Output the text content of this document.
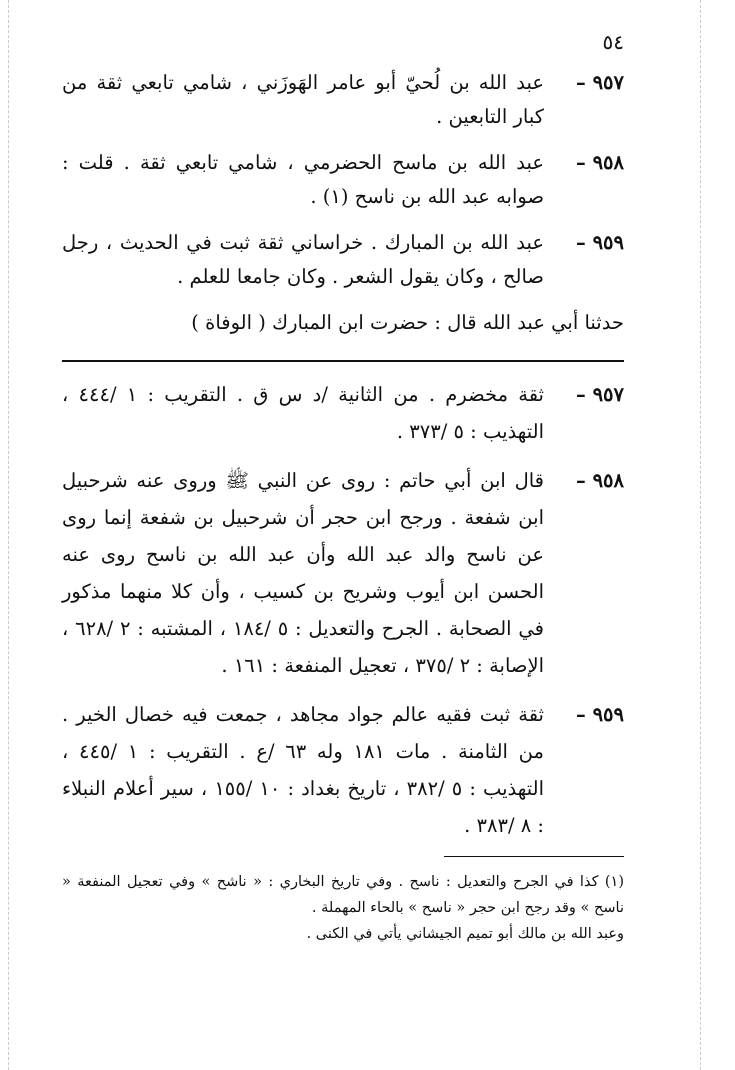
٥٤
٩٥٧ –
عبد الله بن لُحيّ أبو عامر الهَوزَني ، شامي تابعي ثقة من كبار التابعين .
٩٥٨ –
عبد الله بن ماسح الحضرمي ، شامي تابعي ثقة . قلت : صوابه عبد الله بن ناسح (١) .
٩٥٩ –
عبد الله بن المبارك . خراساني ثقة ثبت في الحديث ، رجل صالح ، وكان يقول الشعر . وكان جامعا للعلم .

حدثنا أبي عبد الله قال : حضرت ابن المبارك ( الوفاة )

٩٥٧ –
ثقة مخضرم . من الثانية /د س ق . التقريب : ١ /٤٤٤ ، التهذيب : ٥ /٣٧٣ .
٩٥٨ –
قال ابن أبي حاتم : روى عن النبي ﷺ وروى عنه شرحبيل ابن شفعة . ورجح ابن حجر أن شرحبيل بن شفعة إنما روى عن ناسح والد عبد الله وأن عبد الله بن ناسح روى عنه الحسن ابن أيوب وشريح بن كسيب ، وأن كلا منهما مذكور في الصحابة . الجرح والتعديل : ٥ /١٨٤ ، المشتبه : ٢ /٦٢٨ ، الإصابة : ٢ /٣٧٥ ، تعجيل المنفعة : ١٦١ .
٩٥٩ –
ثقة ثبت فقيه عالم جواد مجاهد ، جمعت فيه خصال الخير . من الثامنة . مات ١٨١ وله ٦٣ /ع . التقريب : ١ /٤٤٥ ، التهذيب : ٥ /٣٨٢ ، تاريخ بغداد : ١٠ /١٥٥ ، سير أعلام النبلاء : ٨ /٣٨٣ .

(١) كذا في الجرح والتعديل : ناسح . وفي تاريخ البخاري : « ناشح » وفي تعجيل المنفعة « ناسح » وقد رجح ابن حجر « ناسح » بالحاء المهملة .

وعبد الله بن مالك أبو تميم الجيشاني يأتي في الكنى .
